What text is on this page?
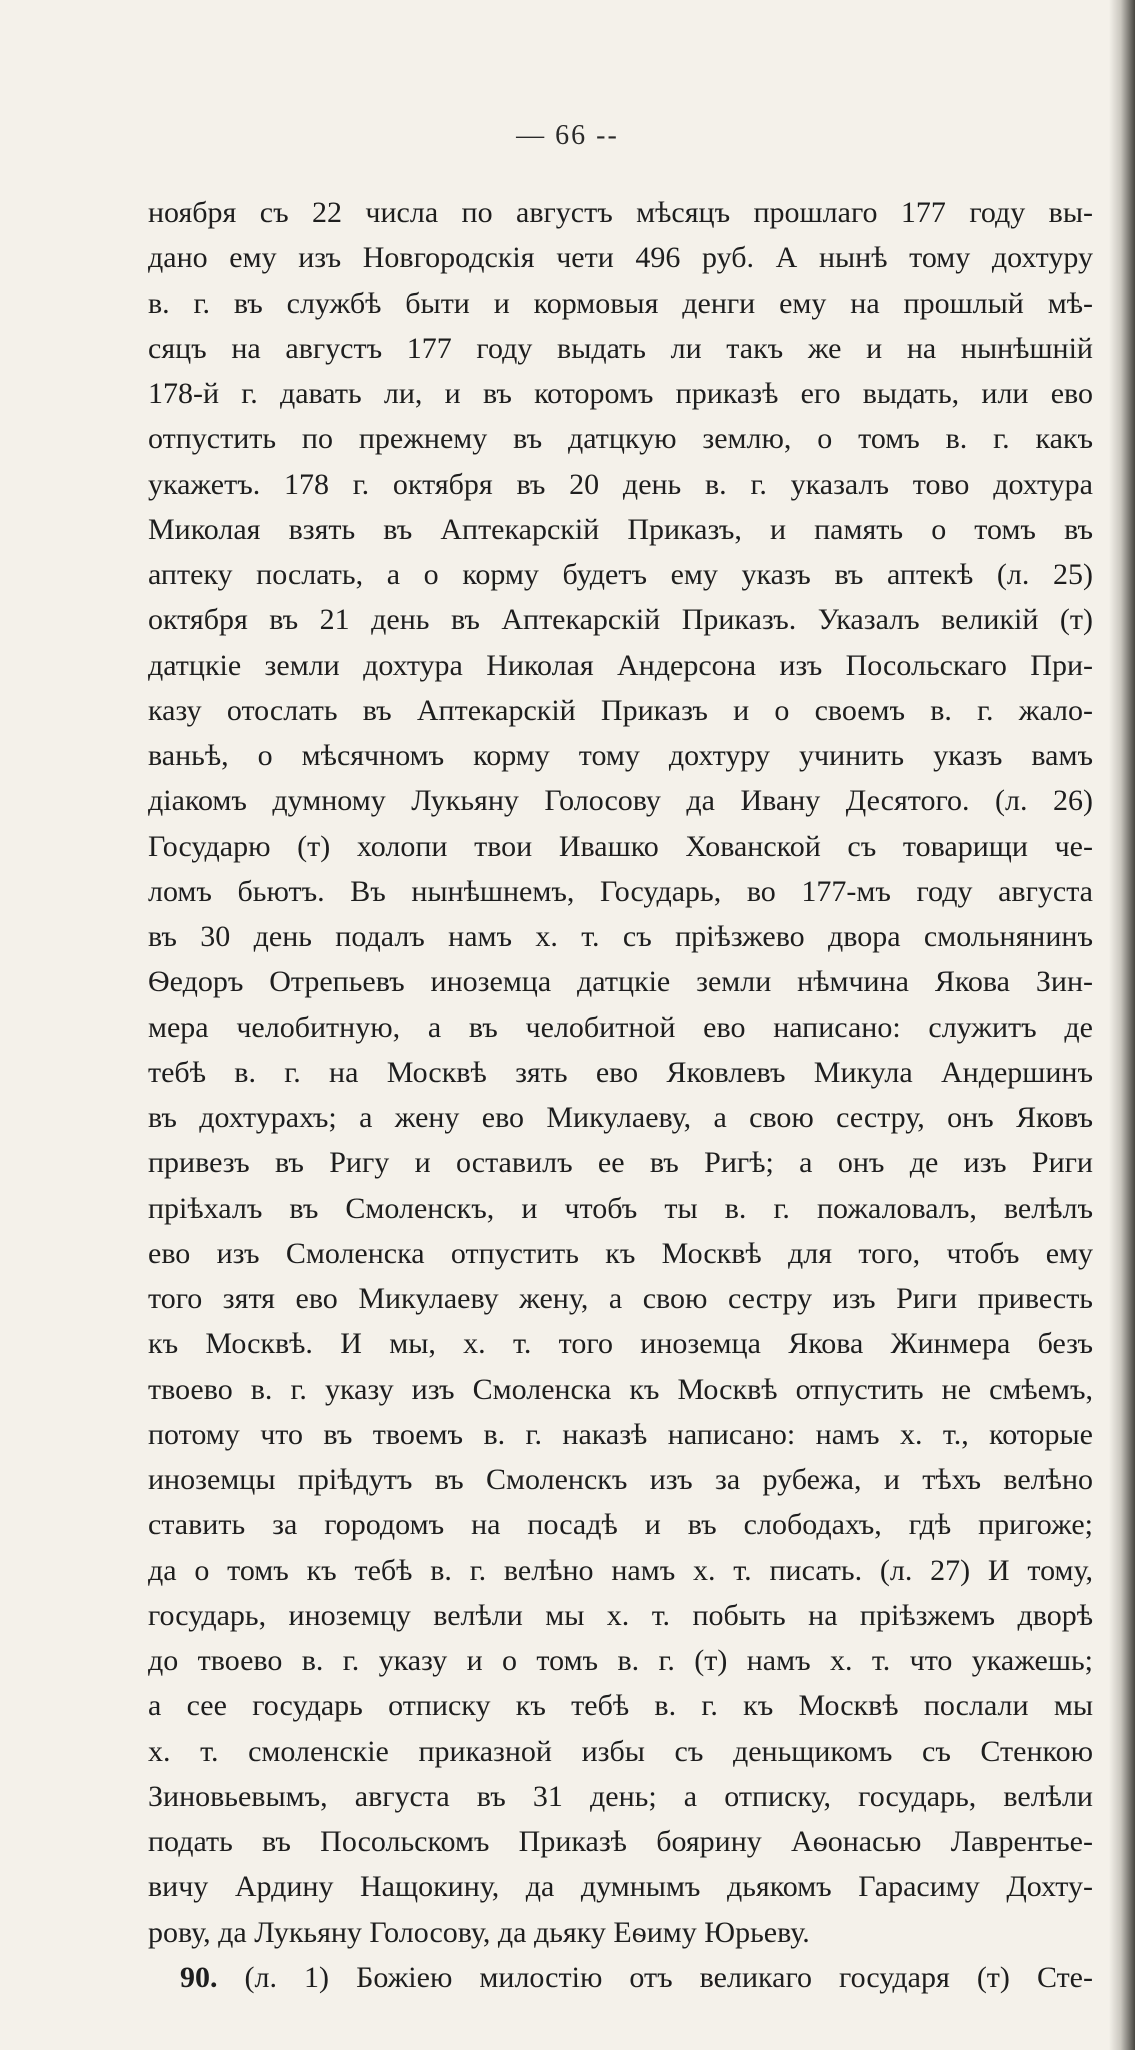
— 66 --
ноября съ 22 числа по августъ мѣсяцъ прошлаго 177 году вы-
дано ему изъ Новгородскія чети 496 руб. А нынѣ тому дохтуру
в. г. въ службѣ быти и кормовыя денги ему на прошлый мѣ-
сяцъ на августъ 177 году выдать ли такъ же и на нынѣшній
178-й г. давать ли, и въ которомъ приказѣ его выдать, или ево
отпустить по прежнему въ датцкую землю, о томъ в. г. какъ
укажетъ. 178 г. октября въ 20 день в. г. указалъ тово дохтура
Миколая взять въ Аптекарскій Приказъ, и память о томъ въ
аптеку послать, а о корму будетъ ему указъ въ аптекѣ (л. 25)
октября въ 21 день въ Аптекарскій Приказъ. Указалъ великій (т)
датцкіе земли дохтура Николая Андерсона изъ Посольскаго При-
казу отослать въ Аптекарскій Приказъ и о своемъ в. г. жало-
ваньѣ, о мѣсячномъ корму тому дохтуру учинить указъ вамъ
діакомъ думному Лукьяну Голосову да Ивану Десятого. (л. 26)
Государю (т) холопи твои Ивашко Хованской съ товарищи че-
ломъ бьютъ. Въ нынѣшнемъ, Государь, во 177-мъ году августа
въ 30 день подалъ намъ х. т. съ пріѣзжево двора смольнянинъ
Ѳедоръ Отрепьевъ иноземца датцкіе земли нѣмчина Якова Зин-
мера челобитную, а въ челобитной ево написано: служитъ де
тебѣ в. г. на Москвѣ зять ево Яковлевъ Микула Андершинъ
въ дохтурахъ; а жену ево Микулаеву, а свою сестру, онъ Яковъ
привезъ въ Ригу и оставилъ ее въ Ригѣ; а онъ де изъ Риги
пріѣхалъ въ Смоленскъ, и чтобъ ты в. г. пожаловалъ, велѣлъ
ево изъ Смоленска отпустить къ Москвѣ для того, чтобъ ему
того зятя ево Микулаеву жену, а свою сестру изъ Риги привесть
къ Москвѣ. И мы, х. т. того иноземца Якова Жинмера безъ
твоево в. г. указу изъ Смоленска къ Москвѣ отпустить не смѣемъ,
потому что въ твоемъ в. г. наказѣ написано: намъ х. т., которые
иноземцы пріѣдутъ въ Смоленскъ изъ за рубежа, и тѣхъ велѣно
ставить за городомъ на посадѣ и въ слободахъ, гдѣ пригоже;
да о томъ къ тебѣ в. г. велѣно намъ х. т. писать. (л. 27) И тому,
государь, иноземцу велѣли мы х. т. побыть на пріѣзжемъ дворѣ
до твоево в. г. указу и о томъ в. г. (т) намъ х. т. что укажешь;
а сее государь отписку къ тебѣ в. г. къ Москвѣ послали мы
х. т. смоленскіе приказной избы съ деньщикомъ съ Стенкою
Зиновьевымъ, августа въ 31 день; а отписку, государь, велѣли
подать въ Посольскомъ Приказѣ боярину Аѳонасью Лаврентье-
вичу Ардину Нащокину, да думнымъ дьякомъ Гарасиму Дохту-
рову, да Лукьяну Голосову, да дьяку Еѳиму Юрьеву.
90. (л. 1) Божіею милостію отъ великаго государя (т) Сте-
